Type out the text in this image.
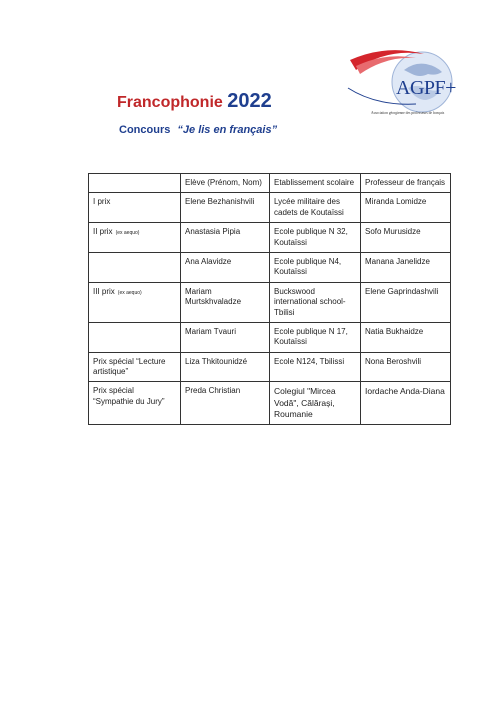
AGPF+
Association géorgienne des professeurs de français
Francophonie 2022
Concours “Je lis en français”
	Elève (Prénom, Nom)	Etablissement scolaire	Professeur de français
I prix	Elene Bezhanishvili	Lycée militaire des cadets de Koutaïssi	Miranda Lomidze
II prix (ex aequo)	Anastasia Pipia	Ecole publique N 32, Koutaïssi	Sofo Murusidze
	Ana Alavidze	Ecole publique N4, Koutaïssi	Manana Janelidze
III prix (ex aequo)	Mariam Murtskhvaladze	Buckswood international school-Tbilisi	Elene Gaprindashvili
	Mariam Tvauri	Ecole publique N 17, Koutaïssi	Natia Bukhaidze
Prix spécial “Lecture artistique”	Liza Thkitounidzé	Ecole N124, Tbilissi	Nona Beroshvili
Prix spécial “Sympathie du Jury”	Preda Christian	Colegiul "Mircea Vodă", Călărași, Roumanie	Iordache Anda-Diana
